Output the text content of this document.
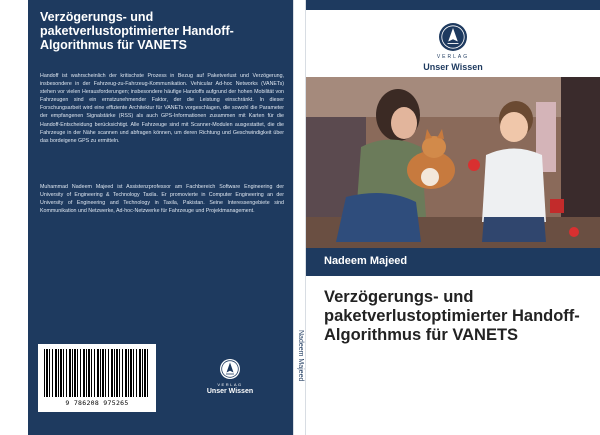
Verzögerungs- und paketverlustoptimierter Handoff-Algorithmus für VANETS

Handoff ist wahrscheinlich der kritischste Prozess in Bezug auf Paketverlust und Verzögerung, insbesondere in der Fahrzeug-zu-Fahrzeug-Kommunikation. Vehicular Ad-hoc Networks (VANETs) stehen vor vielen Herausforderungen; insbesondere häufige Handoffs aufgrund der hohen Mobilität von Fahrzeugen sind ein ernstzunehmender Faktor, der die Leistung einschränkt. In dieser Forschungsarbeit wird eine effiziente Architektur für VANETs vorgeschlagen, die sowohl die Parameter der empfangenen Signalstärke (RSS) als auch GPS-Informationen zusammen mit Karten für die Handoff-Entscheidung berücksichtigt. Alle Fahrzeuge sind mit Scanner-Modulen ausgestattet, die die Fahrzeuge in der Nähe scannen und abfragen können, um deren Richtung und Geschwindigkeit über das bordeigene GPS zu ermitteln.

Muhammad Nadeem Majeed ist Assistenzprofessor am Fachbereich Software Engineering der University of Engineering & Technology Taxila. Er promovierte in Computer Engineering an der University of Engineering and Technology in Taxila, Pakistan. Seine Interessengebiete sind Kommunikation und Netzwerke, Ad-hoc-Netzwerke für Fahrzeuge und Projektmanagement.

9 786208 975265
VERLAG
Unser Wissen
Nadeem Majeed
VERLAG
Unser Wissen
Nadeem Majeed
Verzögerungs- und paketverlustoptimierter Handoff-Algorithmus für VANETS
